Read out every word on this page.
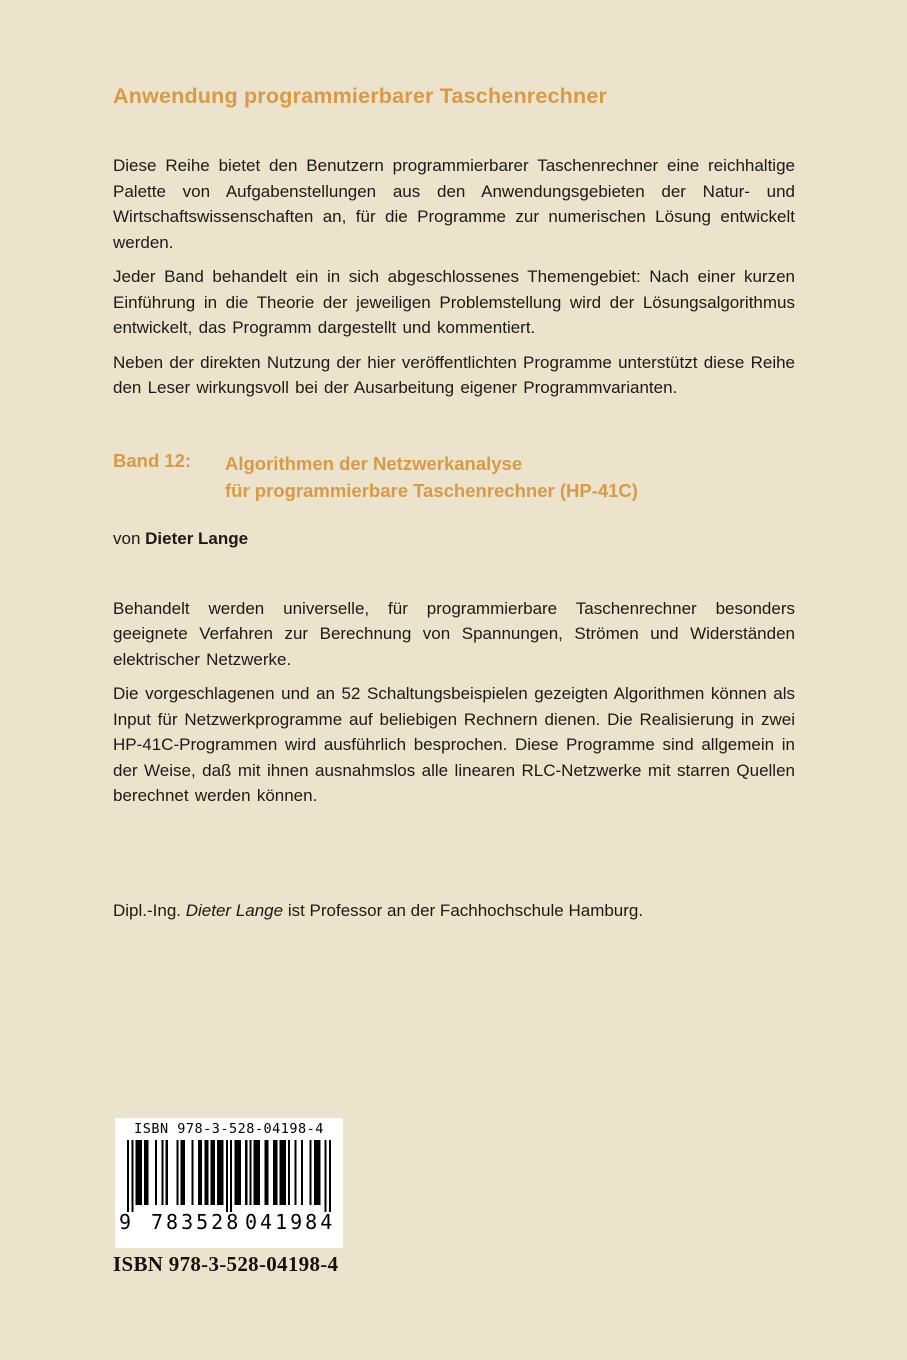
Anwendung programmierbarer Taschenrechner

Diese Reihe bietet den Benutzern programmierbarer Taschenrechner eine reichhaltige Palette von Aufgabenstellungen aus den Anwendungsgebieten der Natur- und Wirtschaftswissenschaften an, für die Programme zur numerischen Lösung entwickelt werden.

Jeder Band behandelt ein in sich abgeschlossenes Themengebiet: Nach einer kurzen Einführung in die Theorie der jeweiligen Problemstellung wird der Lösungsalgorithmus entwickelt, das Programm dargestellt und kommentiert.

Neben der direkten Nutzung der hier veröffentlichten Programme unterstützt diese Reihe den Leser wirkungsvoll bei der Ausarbeitung eigener Programmvarianten.

Band 12:	Algorithmen der Netzwerkanalyse
für programmierbare Taschenrechner (HP-41C)
von Dieter Lange

Behandelt werden universelle, für programmierbare Taschenrechner besonders geeignete Verfahren zur Berechnung von Spannungen, Strömen und Widerständen elektrischer Netzwerke.

Die vorgeschlagenen und an 52 Schaltungsbeispielen gezeigten Algorithmen können als Input für Netzwerkprogramme auf beliebigen Rechnern dienen. Die Realisierung in zwei HP-41C-Programmen wird ausführlich besprochen. Diese Programme sind allgemein in der Weise, daß mit ihnen ausnahmslos alle linearen RLC-Netzwerke mit starren Quellen berechnet werden können.

Dipl.-Ing. Dieter Lange ist Professor an der Fachhochschule Hamburg.
ISBN 978-3-528-04198-4
9 783528 041984
ISBN 978-3-528-04198-4
